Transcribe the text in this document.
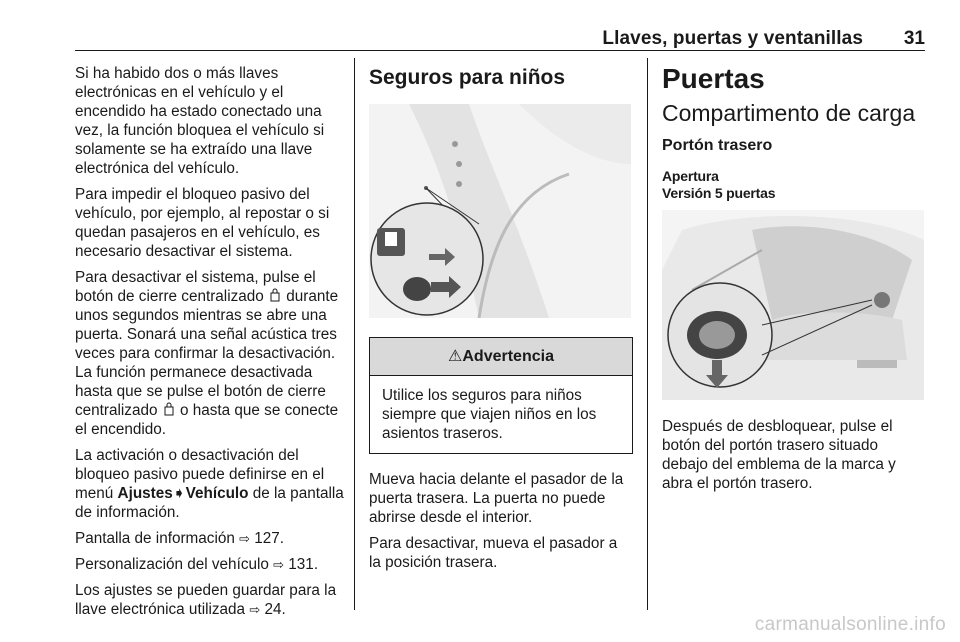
Llaves, puertas y ventanillas 31

Si ha habido dos o más llaves electrónicas en el vehículo y el encendido ha estado conectado una vez, la función bloquea el vehículo si solamente se ha extraído una llave electrónica del vehículo.

Para impedir el bloqueo pasivo del vehículo, por ejemplo, al repostar o si quedan pasajeros en el vehículo, es necesario desactivar el sistema.

Para desactivar el sistema, pulse el botón de cierre centralizado durante unos segundos mientras se abre una puerta. Sonará una señal acústica tres veces para confirmar la desactivación. La función permanece desactivada hasta que se pulse el botón de cierre centralizado o hasta que se conecte el encendido.

La activación o desactivación del bloqueo pasivo puede definirse en el menú Ajustes➧Vehículo de la pantalla de información.

Pantalla de información ⇨ 127.

Personalización del vehículo ⇨ 131.

Los ajustes se pueden guardar para la llave electrónica utilizada ⇨ 24.

Seguros para niños
⚠Advertencia
Utilice los seguros para niños siempre que viajen niños en los asientos traseros.

Mueva hacia delante el pasador de la puerta trasera. La puerta no puede abrirse desde el interior.

Para desactivar, mueva el pasador a la posición trasera.

Puertas
Compartimento de carga
Portón trasero
Apertura
Versión 5 puertas

Después de desbloquear, pulse el botón del portón trasero situado debajo del emblema de la marca y abra el portón trasero.

carmanualsonline.info
